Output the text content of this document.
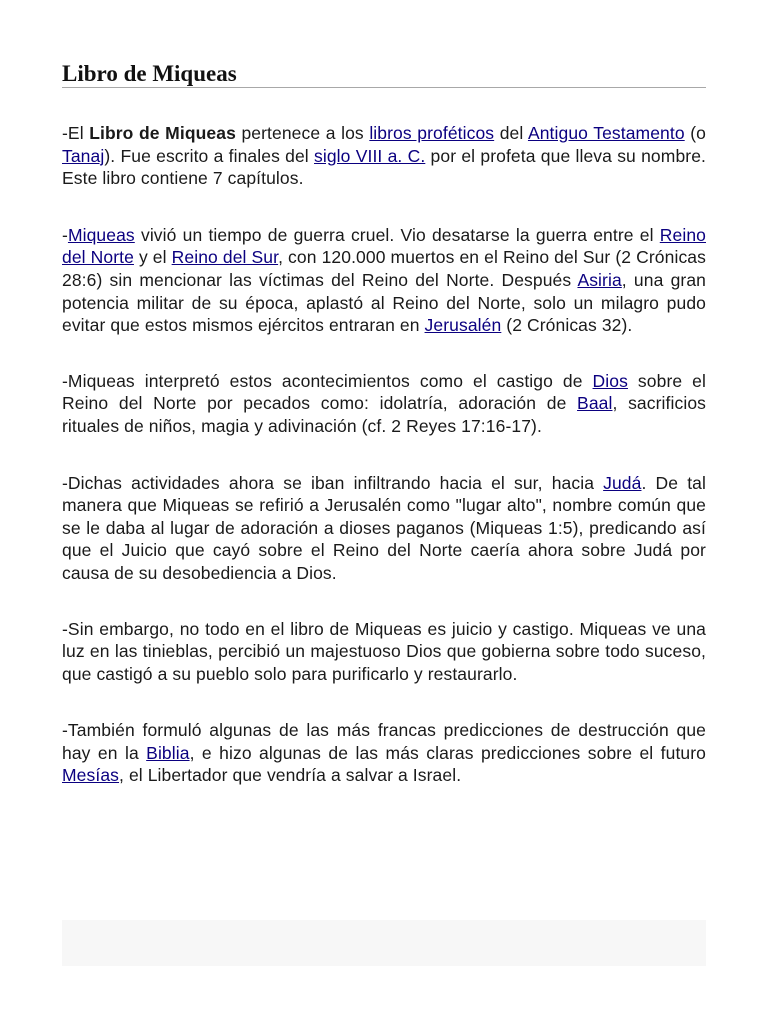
Libro de Miqueas

-El Libro de Miqueas pertenece a los libros proféticos del Antiguo Testamento (o Tanaj). Fue escrito a finales del siglo VIII a. C. por el profeta que lleva su nombre. Este libro contiene 7 capítulos.

-Miqueas vivió un tiempo de guerra cruel. Vio desatarse la guerra entre el Reino del Norte y el Reino del Sur, con 120.000 muertos en el Reino del Sur (2 Crónicas 28:6) sin mencionar las víctimas del Reino del Norte. Después Asiria, una gran potencia militar de su época, aplastó al Reino del Norte, solo un milagro pudo evitar que estos mismos ejércitos entraran en Jerusalén (2 Crónicas 32).

-Miqueas interpretó estos acontecimientos como el castigo de Dios sobre el Reino del Norte por pecados como: idolatría, adoración de Baal, sacrificios rituales de niños, magia y adivinación (cf. 2 Reyes 17:16-17).

-Dichas actividades ahora se iban infiltrando hacia el sur, hacia Judá. De tal manera que Miqueas se refirió a Jerusalén como "lugar alto", nombre común que se le daba al lugar de adoración a dioses paganos (Miqueas 1:5), predicando así que el Juicio que cayó sobre el Reino del Norte caería ahora sobre Judá por causa de su desobediencia a Dios.

-Sin embargo, no todo en el libro de Miqueas es juicio y castigo. Miqueas ve una luz en las tinieblas, percibió un majestuoso Dios que gobierna sobre todo suceso, que castigó a su pueblo solo para purificarlo y restaurarlo.

-También formuló algunas de las más francas predicciones de destrucción que hay en la Biblia, e hizo algunas de las más claras predicciones sobre el futuro Mesías, el Libertador que vendría a salvar a Israel.
